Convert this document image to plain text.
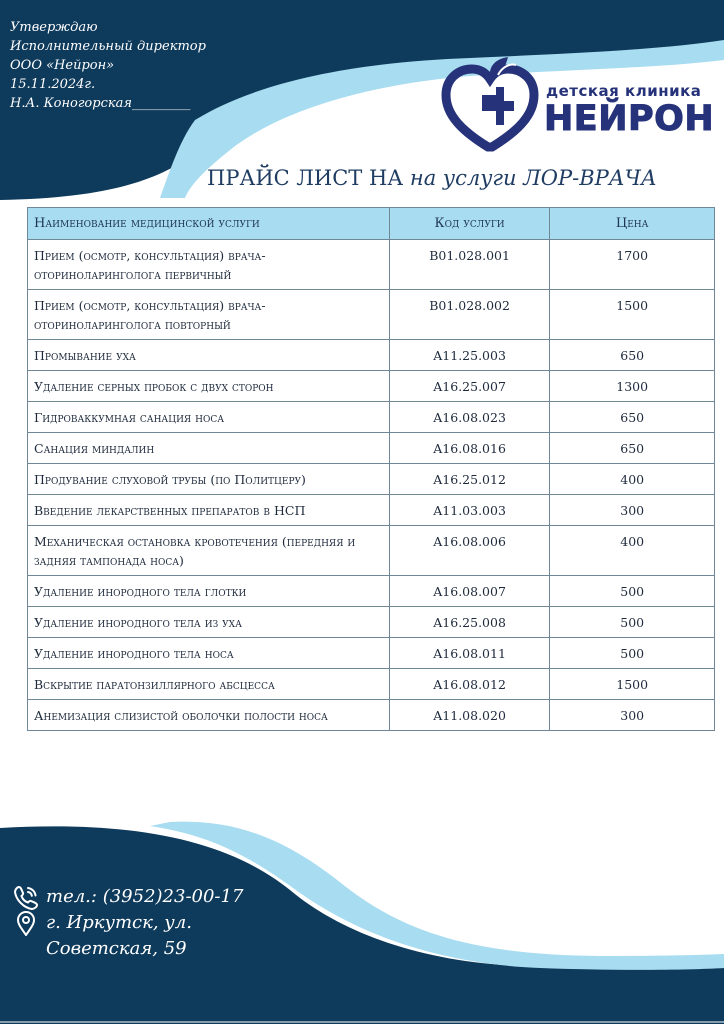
Утверждаю
Исполнительный директор
ООО «Нейрон»
15.11.2024г.
Н.А. Коногорская_________
детская клиника
НЕЙРОН
ПРАЙС ЛИСТ НА на услуги ЛОР-ВРАЧА
Наименование медицинской услуги	Код услуги	Цена
Прием (осмотр, консультация) врача-оториноларинголога первичный	B01.028.001	1700
Прием (осмотр, консультация) врача-оториноларинголога повторный	B01.028.002	1500
Промывание уха	A11.25.003	650
Удаление серных пробок с двух сторон	A16.25.007	1300
Гидроваккумная санация носа	A16.08.023	650
Санация миндалин	A16.08.016	650
Продувание слуховой трубы (по Политцеру)	A16.25.012	400
Введение лекарственных препаратов в НСП	A11.03.003	300
Механическая остановка кровотечения (передняя и задняя тампонада носа)	A16.08.006	400
Удаление инородного тела глотки	A16.08.007	500
Удаление инородного тела из уха	A16.25.008	500
Удаление инородного тела носа	A16.08.011	500
Вскрытие паратонзиллярного абсцесса	A16.08.012	1500
Анемизация слизистой оболочки полости носа	A11.08.020	300
тел.: (3952)23-00-17
г. Иркутск, ул.
Советская, 59
